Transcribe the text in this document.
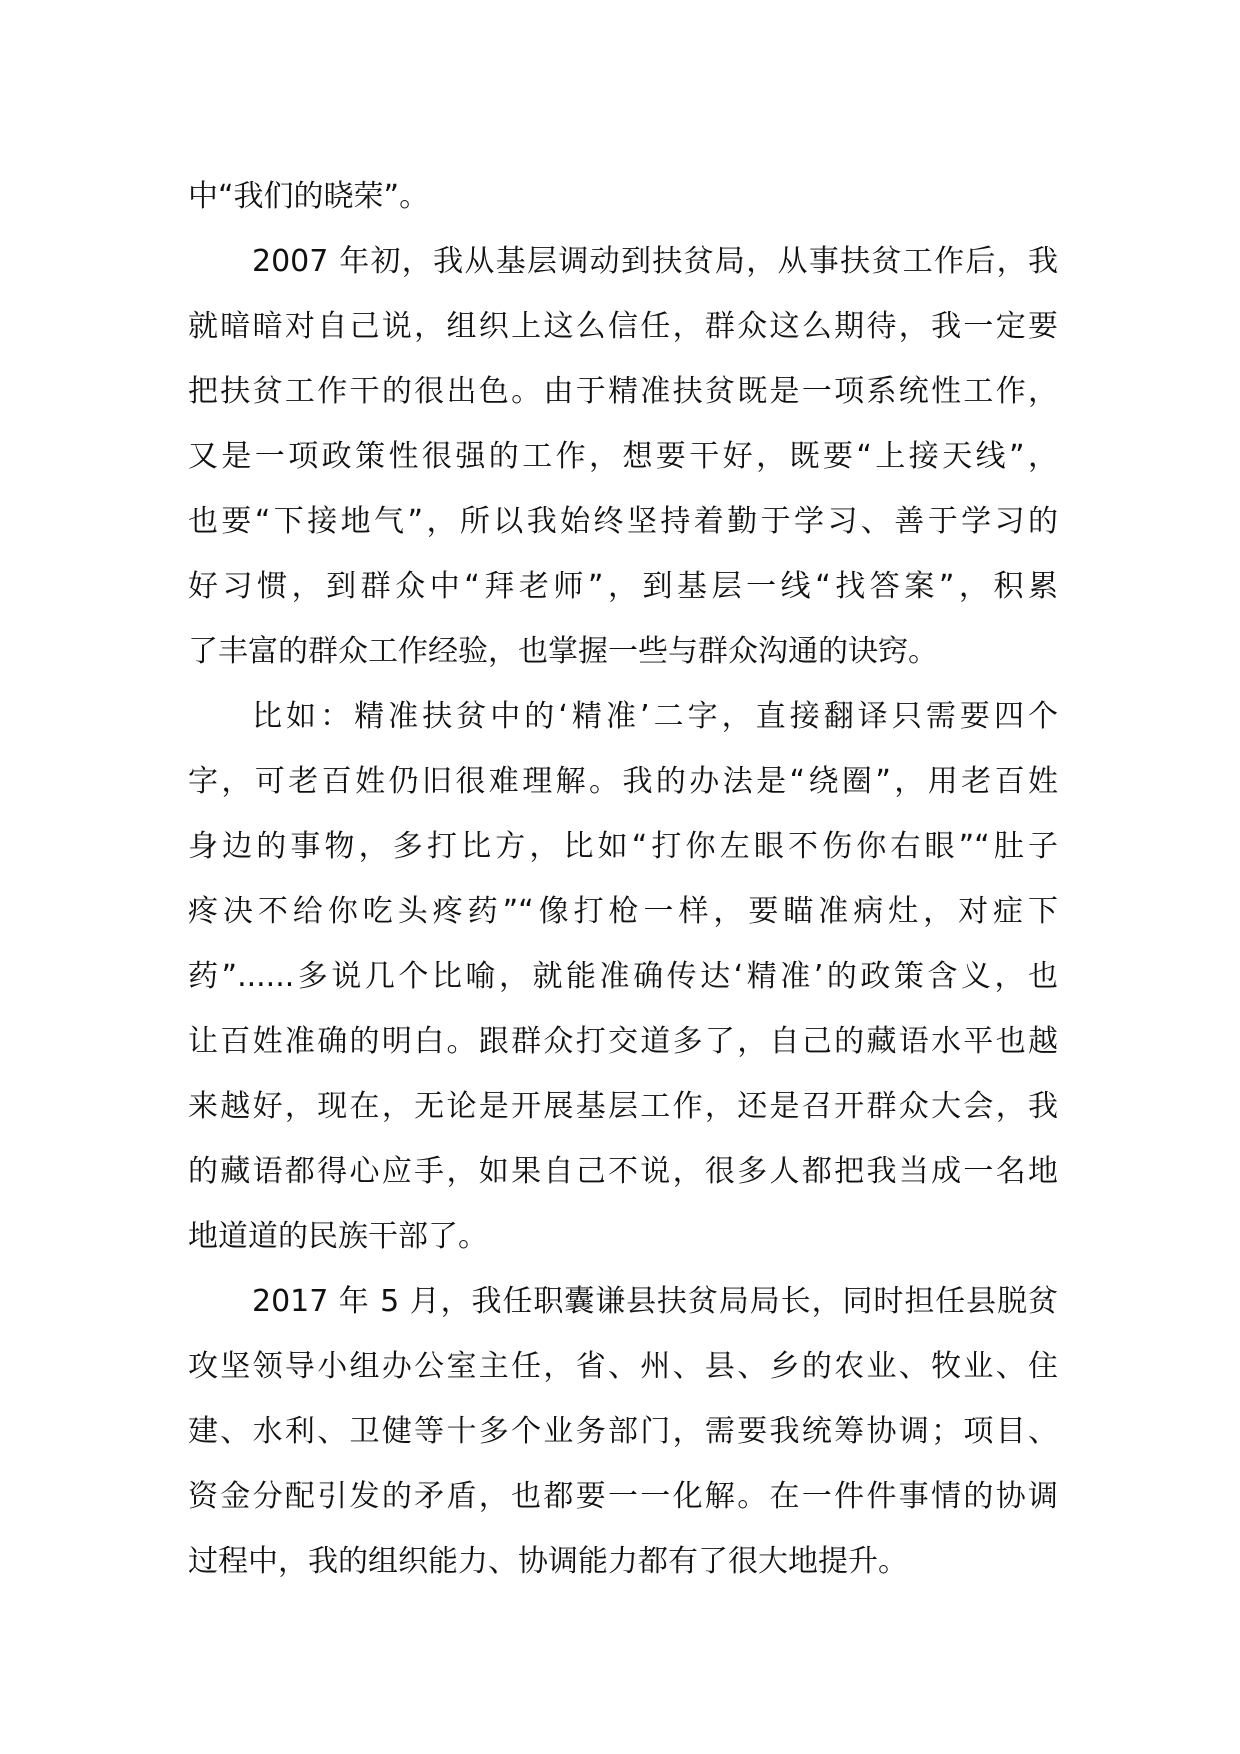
中“我们的晓荣”。
2007 年初，我从基层调动到扶贫局，从事扶贫工作后，我
就暗暗对自己说，组织上这么信任，群众这么期待，我一定要
把扶贫工作干的很出色。由于精准扶贫既是一项系统性工作，
又是一项政策性很强的工作，想要干好，既要“上接天线”，
也要“下接地气”，所以我始终坚持着勤于学习、善于学习的
好习惯，到群众中“拜老师”，到基层一线“找答案”，积累
了丰富的群众工作经验，也掌握一些与群众沟通的诀窍。
比如：精准扶贫中的‘精准’二字，直接翻译只需要四个
字，可老百姓仍旧很难理解。我的办法是“绕圈”，用老百姓
身边的事物，多打比方，比如“打你左眼不伤你右眼”“肚子
疼决不给你吃头疼药”“像打枪一样，要瞄准病灶，对症下
药”......多说几个比喻，就能准确传达‘精准’的政策含义，也
让百姓准确的明白。跟群众打交道多了，自己的藏语水平也越
来越好，现在，无论是开展基层工作，还是召开群众大会，我
的藏语都得心应手，如果自己不说，很多人都把我当成一名地
地道道的民族干部了。
2017 年 5 月，我任职囊谦县扶贫局局长，同时担任县脱贫
攻坚领导小组办公室主任，省、州、县、乡的农业、牧业、住
建、水利、卫健等十多个业务部门，需要我统筹协调；项目、
资金分配引发的矛盾，也都要一一化解。在一件件事情的协调
过程中，我的组织能力、协调能力都有了很大地提升。
